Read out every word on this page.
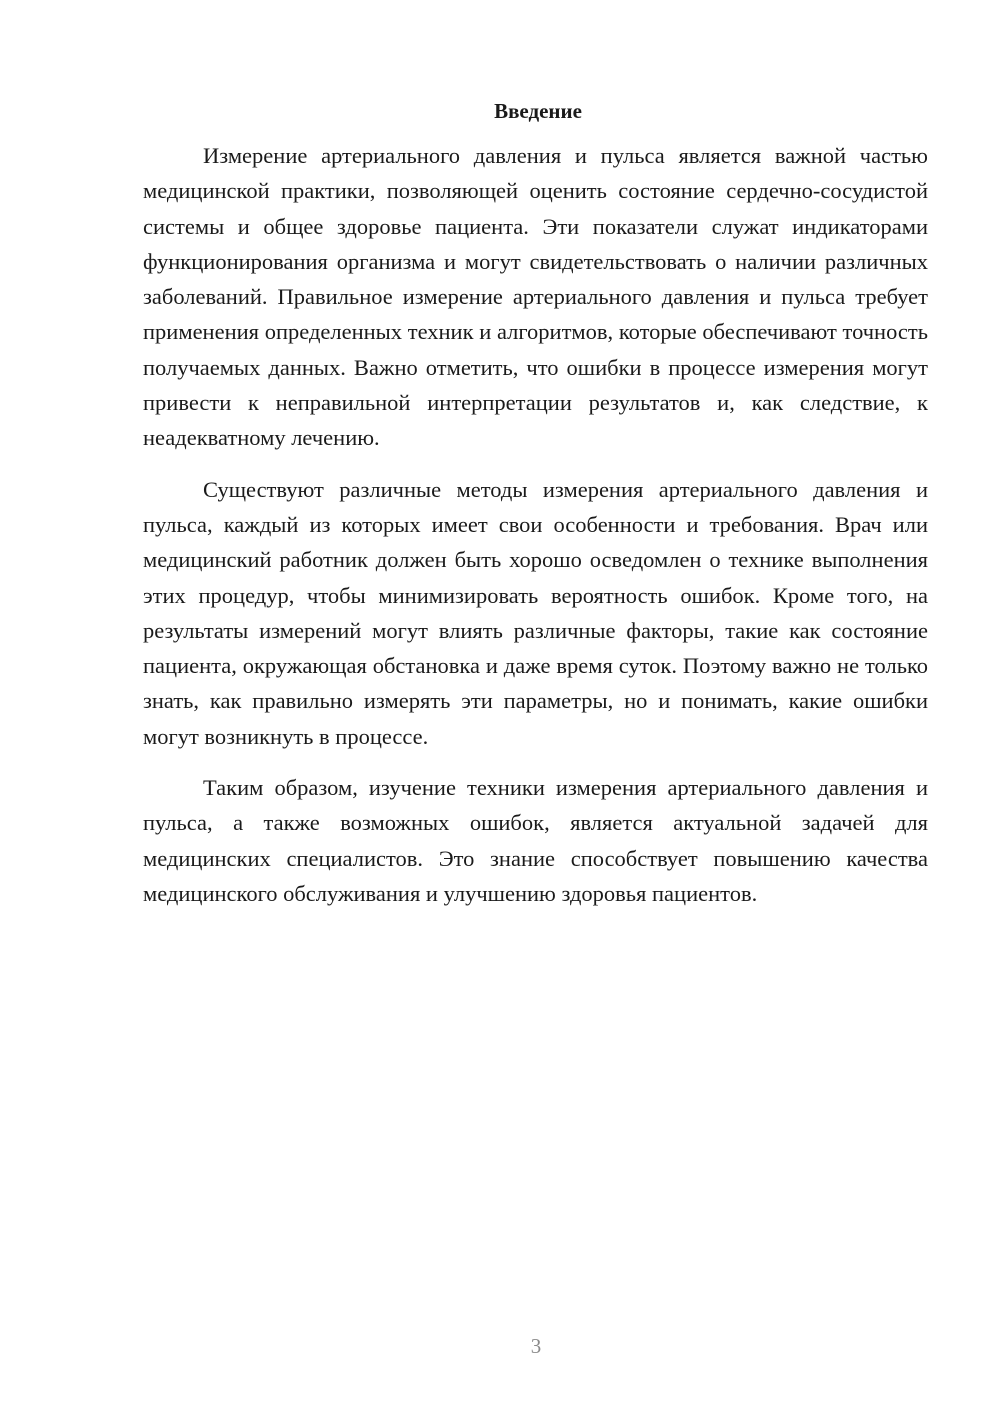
Введение

Измерение артериального давления и пульса является важной частью медицинской практики, позволяющей оценить состояние сердечно-сосудистой системы и общее здоровье пациента. Эти показатели служат индикаторами функционирования организма и могут свидетельствовать о наличии различных заболеваний. Правильное измерение артериального давления и пульса требует применения определенных техник и алгоритмов, которые обеспечивают точность получаемых данных. Важно отметить, что ошибки в процессе измерения могут привести к неправильной интерпретации результатов и, как следствие, к неадекватному лечению.

Существуют различные методы измерения артериального давления и пульса, каждый из которых имеет свои особенности и требования. Врач или медицинский работник должен быть хорошо осведомлен о технике выполнения этих процедур, чтобы минимизировать вероятность ошибок. Кроме того, на результаты измерений могут влиять различные факторы, такие как состояние пациента, окружающая обстановка и даже время суток. Поэтому важно не только знать, как правильно измерять эти параметры, но и понимать, какие ошибки могут возникнуть в процессе.

Таким образом, изучение техники измерения артериального давления и пульса, а также возможных ошибок, является актуальной задачей для медицинских специалистов. Это знание способствует повышению качества медицинского обслуживания и улучшению здоровья пациентов.

3
